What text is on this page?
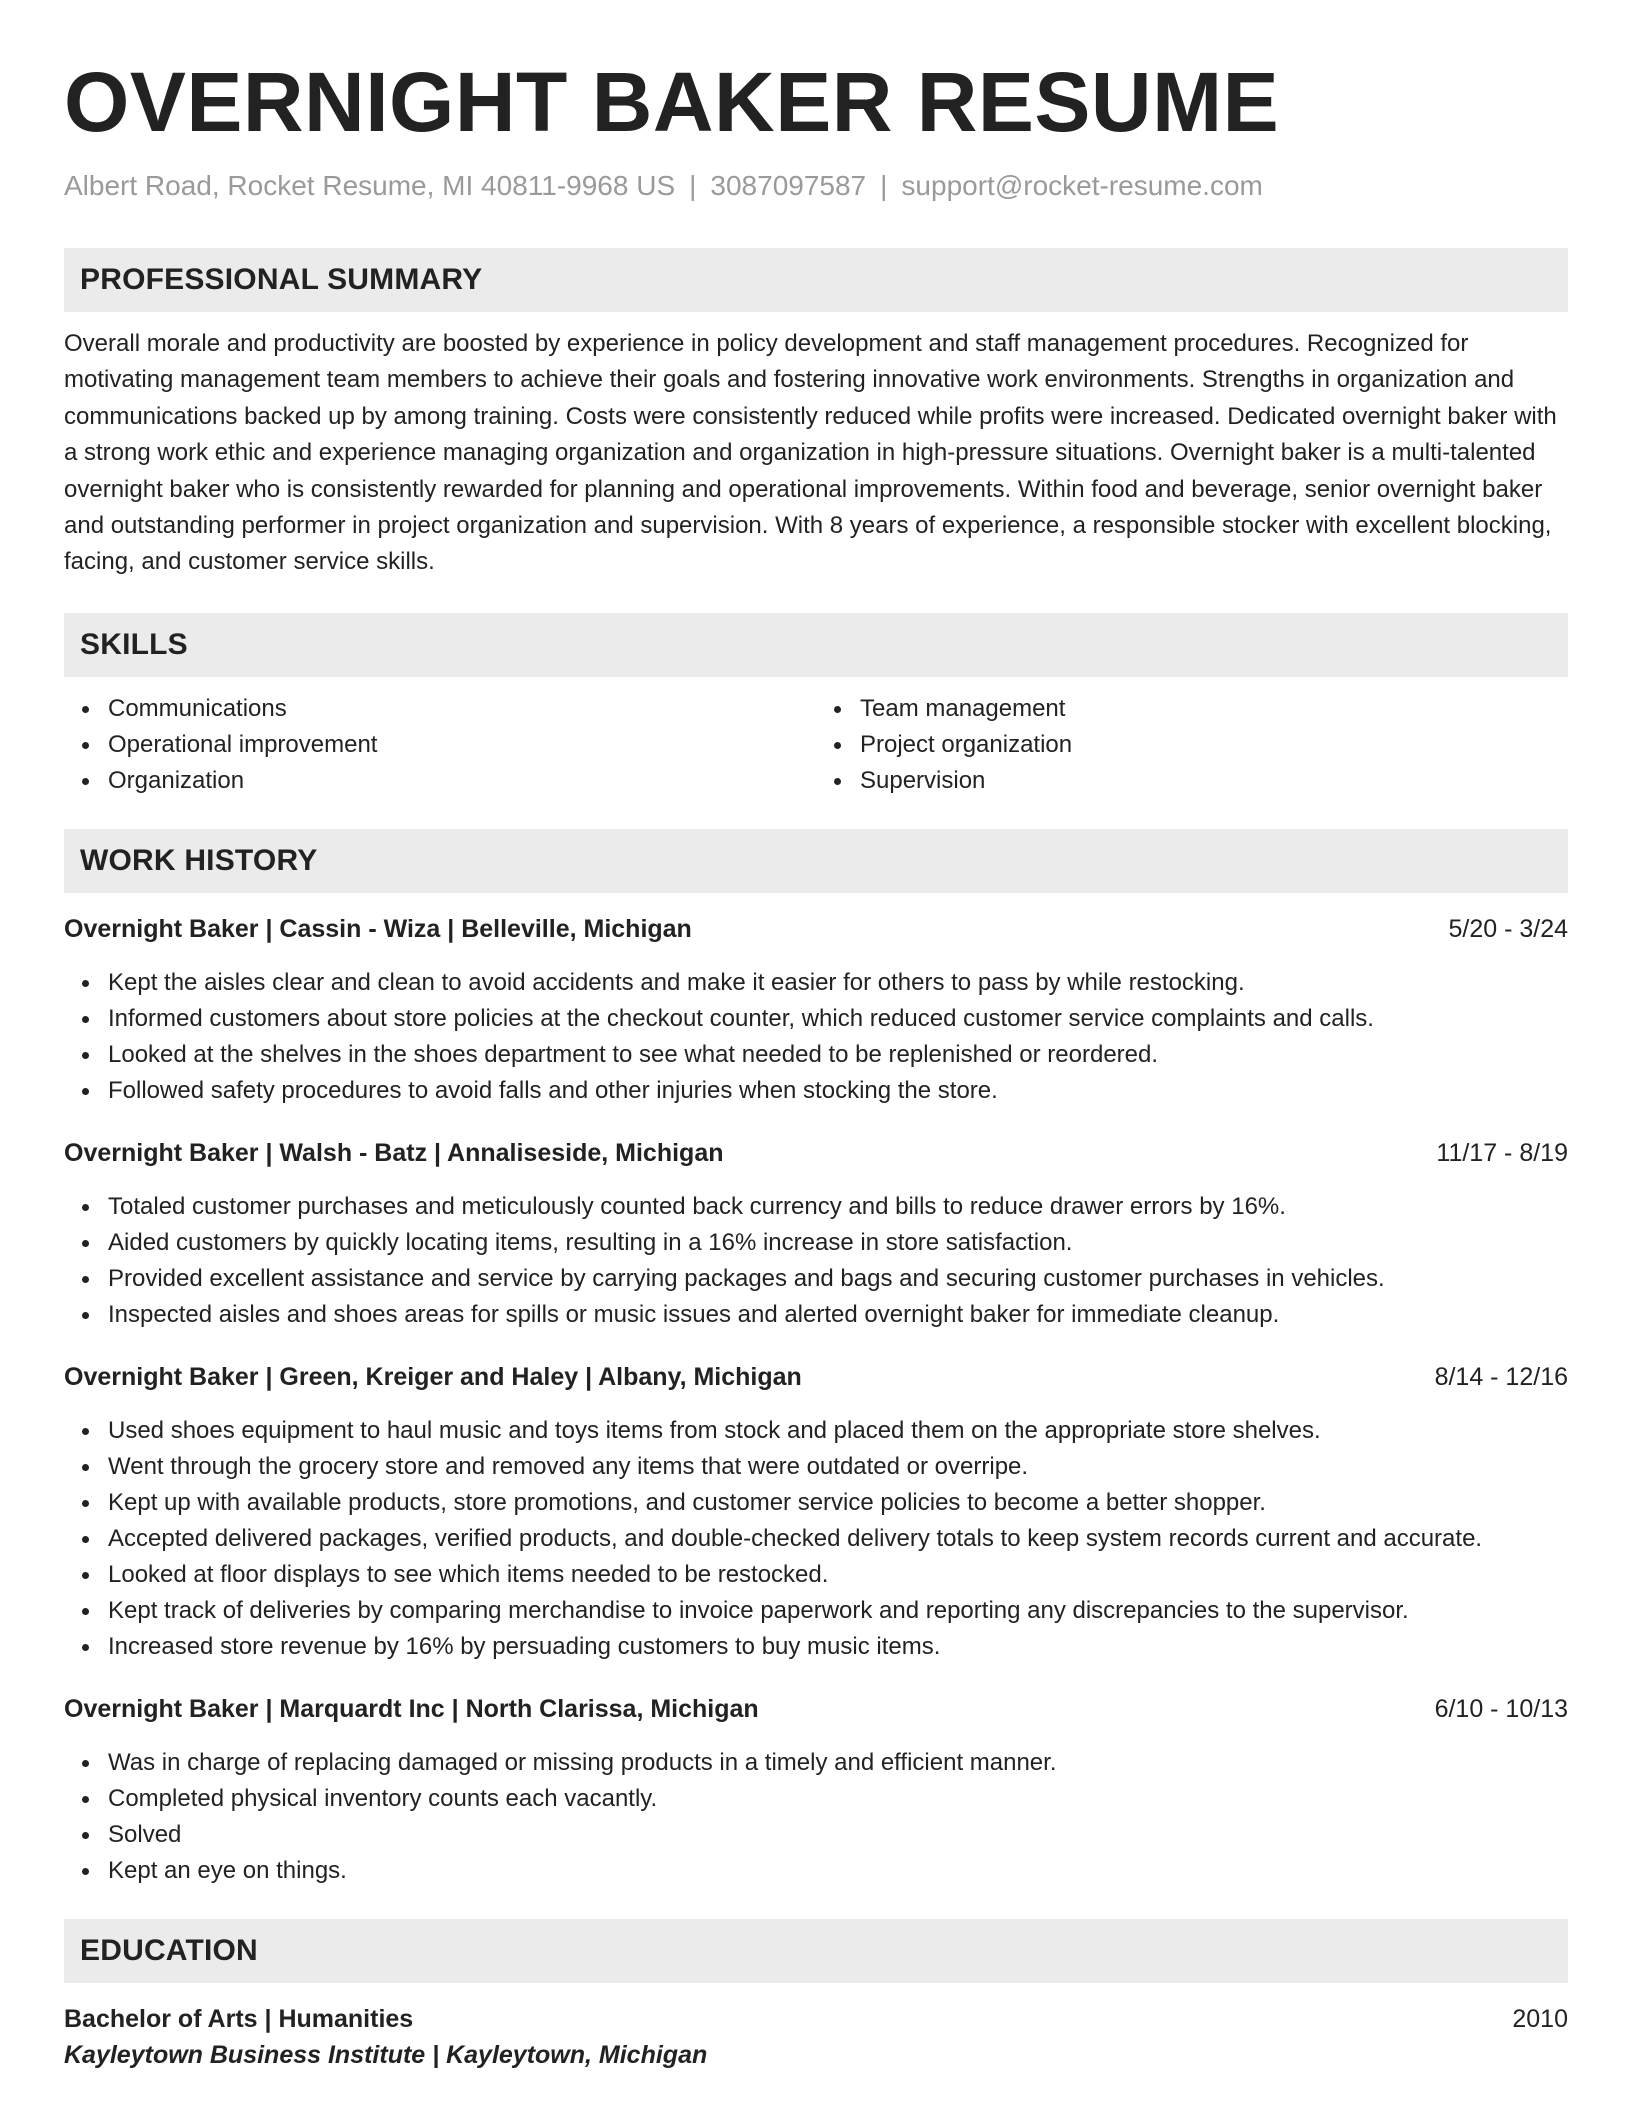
OVERNIGHT BAKER RESUME
Albert Road, Rocket Resume, MI 40811-9968 US | 3087097587 | support@rocket-resume.com
PROFESSIONAL SUMMARY

Overall morale and productivity are boosted by experience in policy development and staff management procedures. Recognized for motivating management team members to achieve their goals and fostering innovative work environments. Strengths in organization and communications backed up by among training. Costs were consistently reduced while profits were increased. Dedicated overnight baker with a strong work ethic and experience managing organization and organization in high-pressure situations. Overnight baker is a multi-talented overnight baker who is consistently rewarded for planning and operational improvements. Within food and beverage, senior overnight baker and outstanding performer in project organization and supervision. With 8 years of experience, a responsible stocker with excellent blocking, facing, and customer service skills.

SKILLS
Communications
Operational improvement
Organization
Team management
Project organization
Supervision
WORK HISTORY
Overnight Baker | Cassin - Wiza | Belleville, Michigan	5/20 - 3/24
Kept the aisles clear and clean to avoid accidents and make it easier for others to pass by while restocking.
Informed customers about store policies at the checkout counter, which reduced customer service complaints and calls.
Looked at the shelves in the shoes department to see what needed to be replenished or reordered.
Followed safety procedures to avoid falls and other injuries when stocking the store.
Overnight Baker | Walsh - Batz | Annaliseside, Michigan	11/17 - 8/19
Totaled customer purchases and meticulously counted back currency and bills to reduce drawer errors by 16%.
Aided customers by quickly locating items, resulting in a 16% increase in store satisfaction.
Provided excellent assistance and service by carrying packages and bags and securing customer purchases in vehicles.
Inspected aisles and shoes areas for spills or music issues and alerted overnight baker for immediate cleanup.
Overnight Baker | Green, Kreiger and Haley | Albany, Michigan	8/14 - 12/16
Used shoes equipment to haul music and toys items from stock and placed them on the appropriate store shelves.
Went through the grocery store and removed any items that were outdated or overripe.
Kept up with available products, store promotions, and customer service policies to become a better shopper.
Accepted delivered packages, verified products, and double-checked delivery totals to keep system records current and accurate.
Looked at floor displays to see which items needed to be restocked.
Kept track of deliveries by comparing merchandise to invoice paperwork and reporting any discrepancies to the supervisor.
Increased store revenue by 16% by persuading customers to buy music items.
Overnight Baker | Marquardt Inc | North Clarissa, Michigan	6/10 - 10/13
Was in charge of replacing damaged or missing products in a timely and efficient manner.
Completed physical inventory counts each vacantly.
Solved
Kept an eye on things.
EDUCATION
Bachelor of Arts | Humanities	2010
Kayleytown Business Institute | Kayleytown, Michigan
